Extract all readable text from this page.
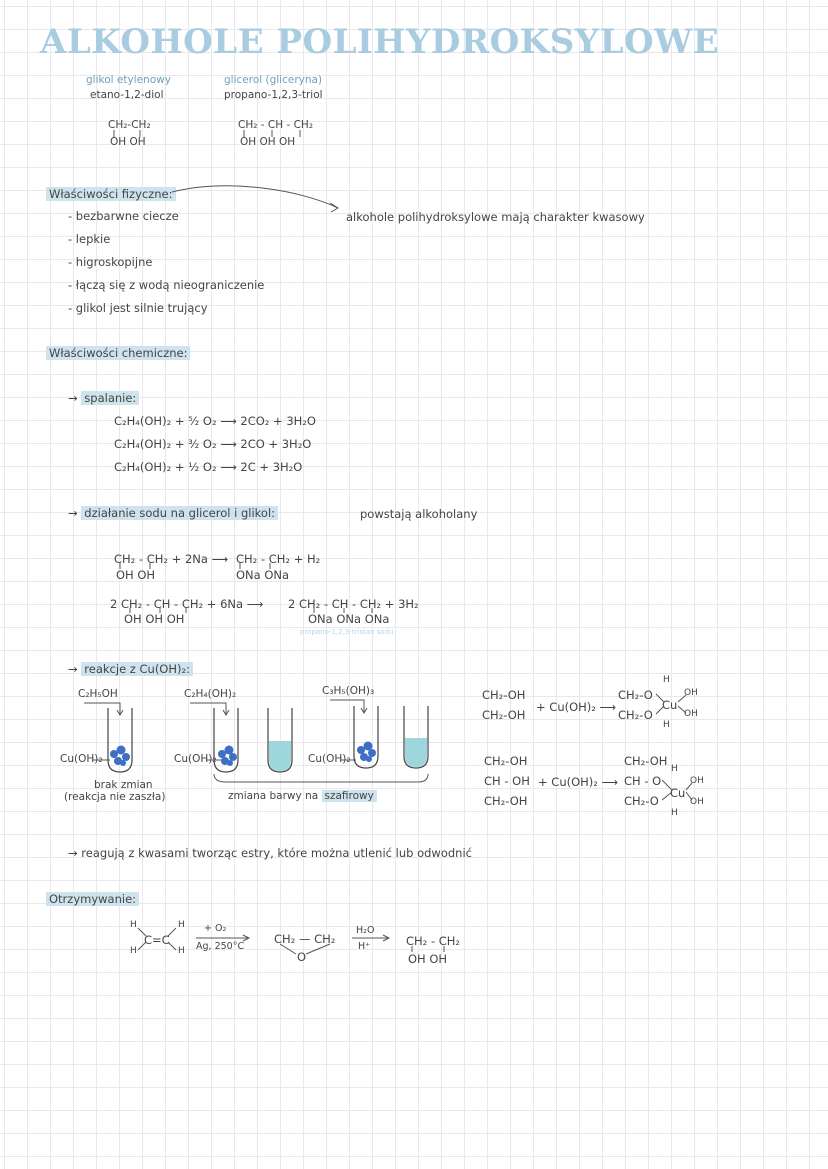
ALKOHOLE POLIHYDROKSYLOWE
glikol etylenowy
etano-1,2-diol
CH₂-CH₂
OH OH
glicerol (gliceryna)
propano-1,2,3-triol
CH₂ - CH - CH₂
OH OH OH
Właściwości fizyczne:
- bezbarwne ciecze
- lepkie
- higroskopijne
- łączą się z wodą nieograniczenie
- glikol jest silnie trujący
alkohole polihydroksylowe mają charakter kwasowy
Właściwości chemiczne:
→ spalanie:
C₂H₄(OH)₂ + ⁵⁄₂ O₂ ⟶ 2CO₂ + 3H₂O
C₂H₄(OH)₂ + ³⁄₂ O₂ ⟶ 2CO + 3H₂O
C₂H₄(OH)₂ + ¹⁄₂ O₂ ⟶ 2C + 3H₂O
→ działanie sodu na glicerol i glikol:	powstają alkoholany
CH₂ - CH₂ + 2Na ⟶
OH OH
CH₂ - CH₂ + H₂
ONa ONa
2 CH₂ - CH - CH₂ + 6Na ⟶
OH OH OH
2 CH₂ - CH - CH₂ + 3H₂
ONa ONa ONa
propano-1,2,3-triolan sodu
→ reakcje z Cu(OH)₂:
C₂H₅OH	C₂H₄(OH)₂	C₃H₅(OH)₃
Cu(OH)₂	Cu(OH)₂	Cu(OH)₂
brak zmian
(reakcja nie zaszła)	zmiana barwy na szafirowy
CH₂-OH
CH₂-OH
+ Cu(OH)₂ ⟶
CH₂-O
CH₂-O
Cu
OH
OH
H
H
CH₂-OH
CH - OH
CH₂-OH
+ Cu(OH)₂ ⟶
CH₂-OH
CH - O
CH₂-O
Cu
OH
OH
H
H
→ reagują z kwasami tworząc estry, które można utlenić lub odwodnić
Otrzymywanie:
H
H
H
H
C=C
+ O₂
Ag, 250°C
CH₂ — CH₂
O
H₂O
H⁺	CH₂ - CH₂
OH OH
